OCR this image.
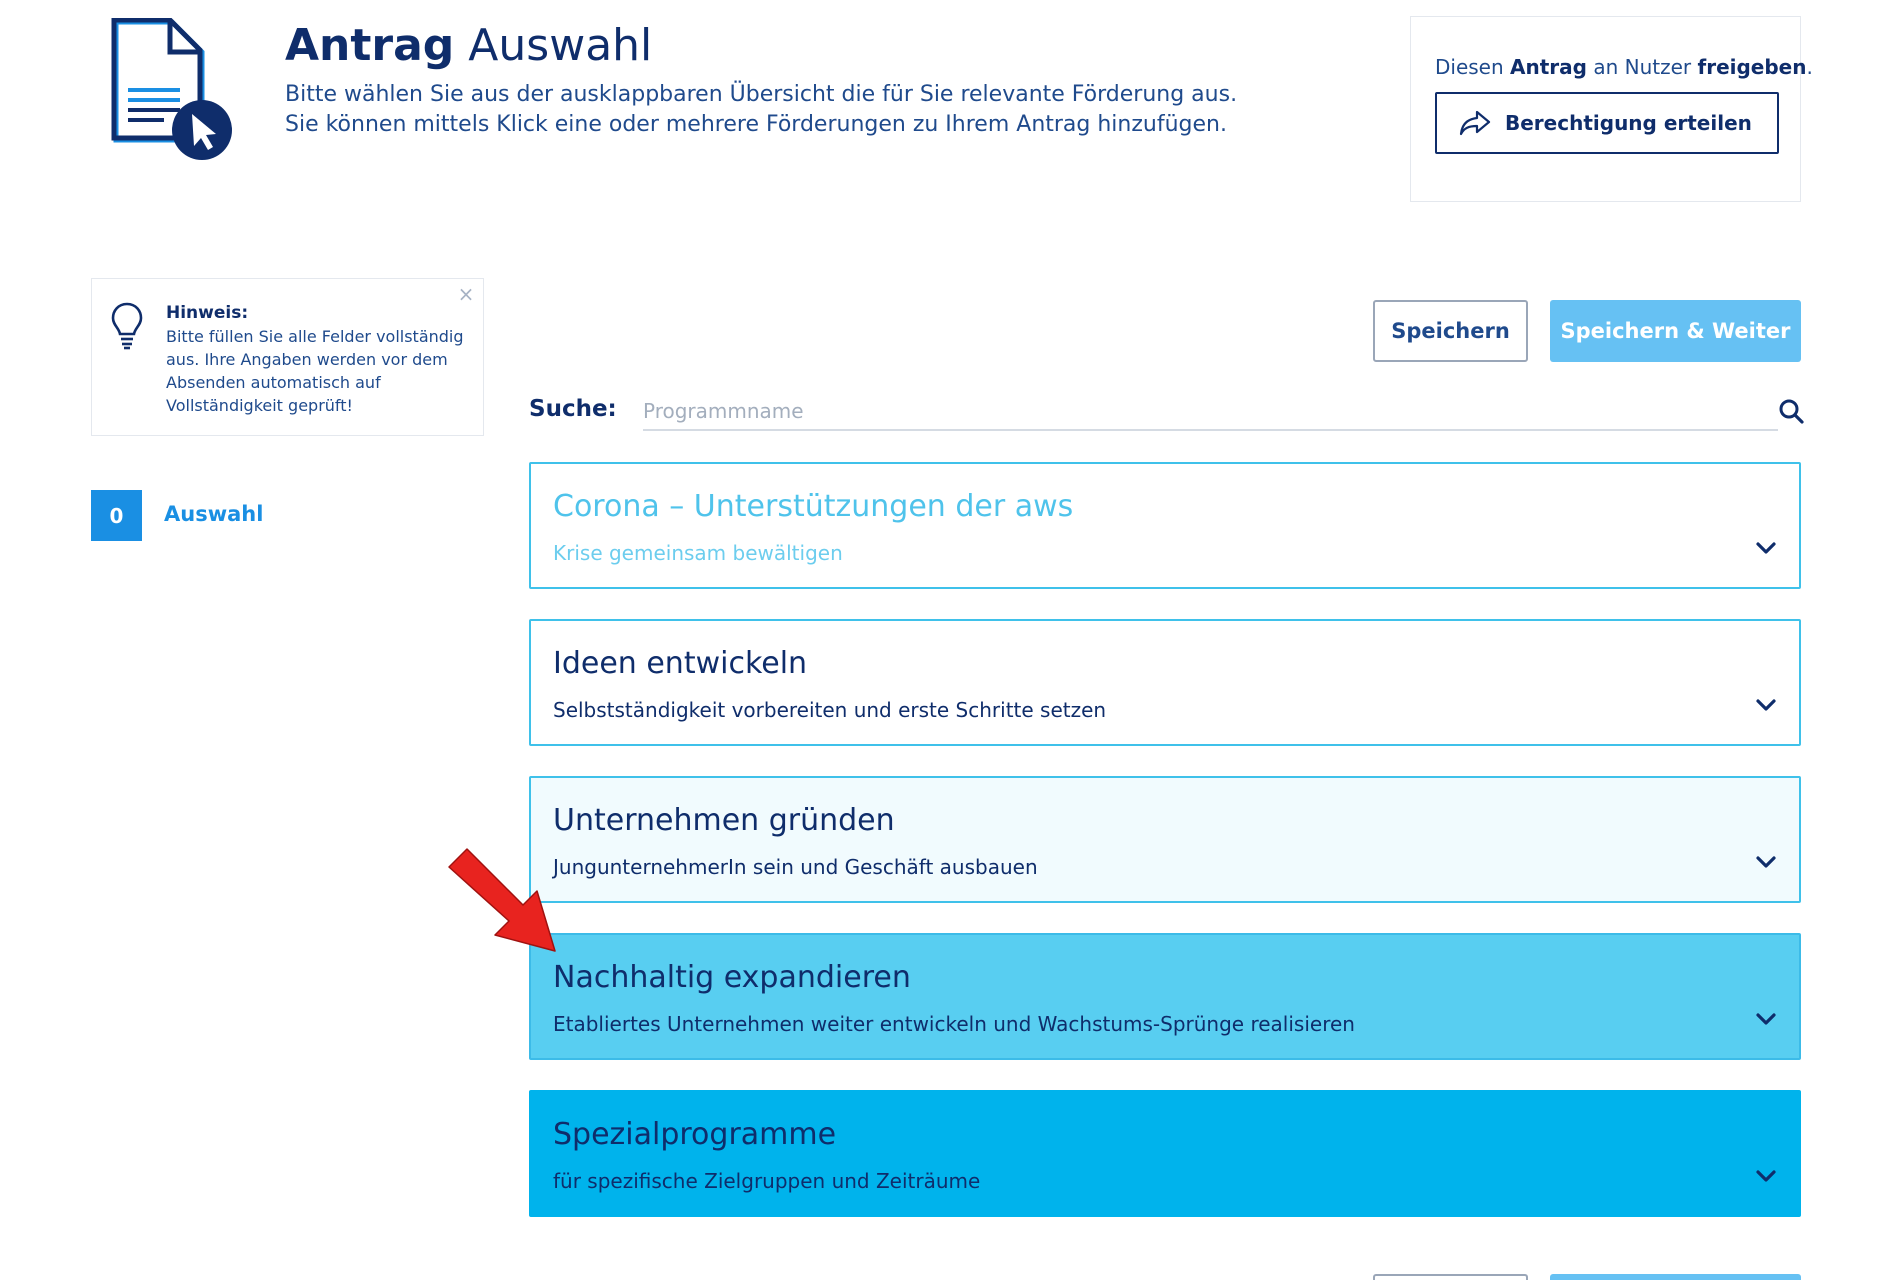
Antrag Auswahl
Bitte wählen Sie aus der ausklappbaren Übersicht die für Sie relevante Förderung aus. Sie können mittels Klick eine oder mehrere Förderungen zu Ihrem Antrag hinzufügen.
Diesen Antrag an Nutzer freigeben.
Berechtigung erteilen
×
Hinweis:
Bitte füllen Sie alle Felder vollständig aus. Ihre Angaben werden vor dem Absenden automatisch auf Vollständigkeit geprüft!
0	Auswahl
Speichern	Speichern & Weiter
Suche:
Programmname
Corona – Unterstützungen der aws
Krise gemeinsam bewältigen
Ideen entwickeln
Selbstständigkeit vorbereiten und erste Schritte setzen
Unternehmen gründen
JungunternehmerIn sein und Geschäft ausbauen
Nachhaltig expandieren
Etabliertes Unternehmen weiter entwickeln und Wachstums-Sprünge realisieren
Spezialprogramme
für spezifische Zielgruppen und Zeiträume
